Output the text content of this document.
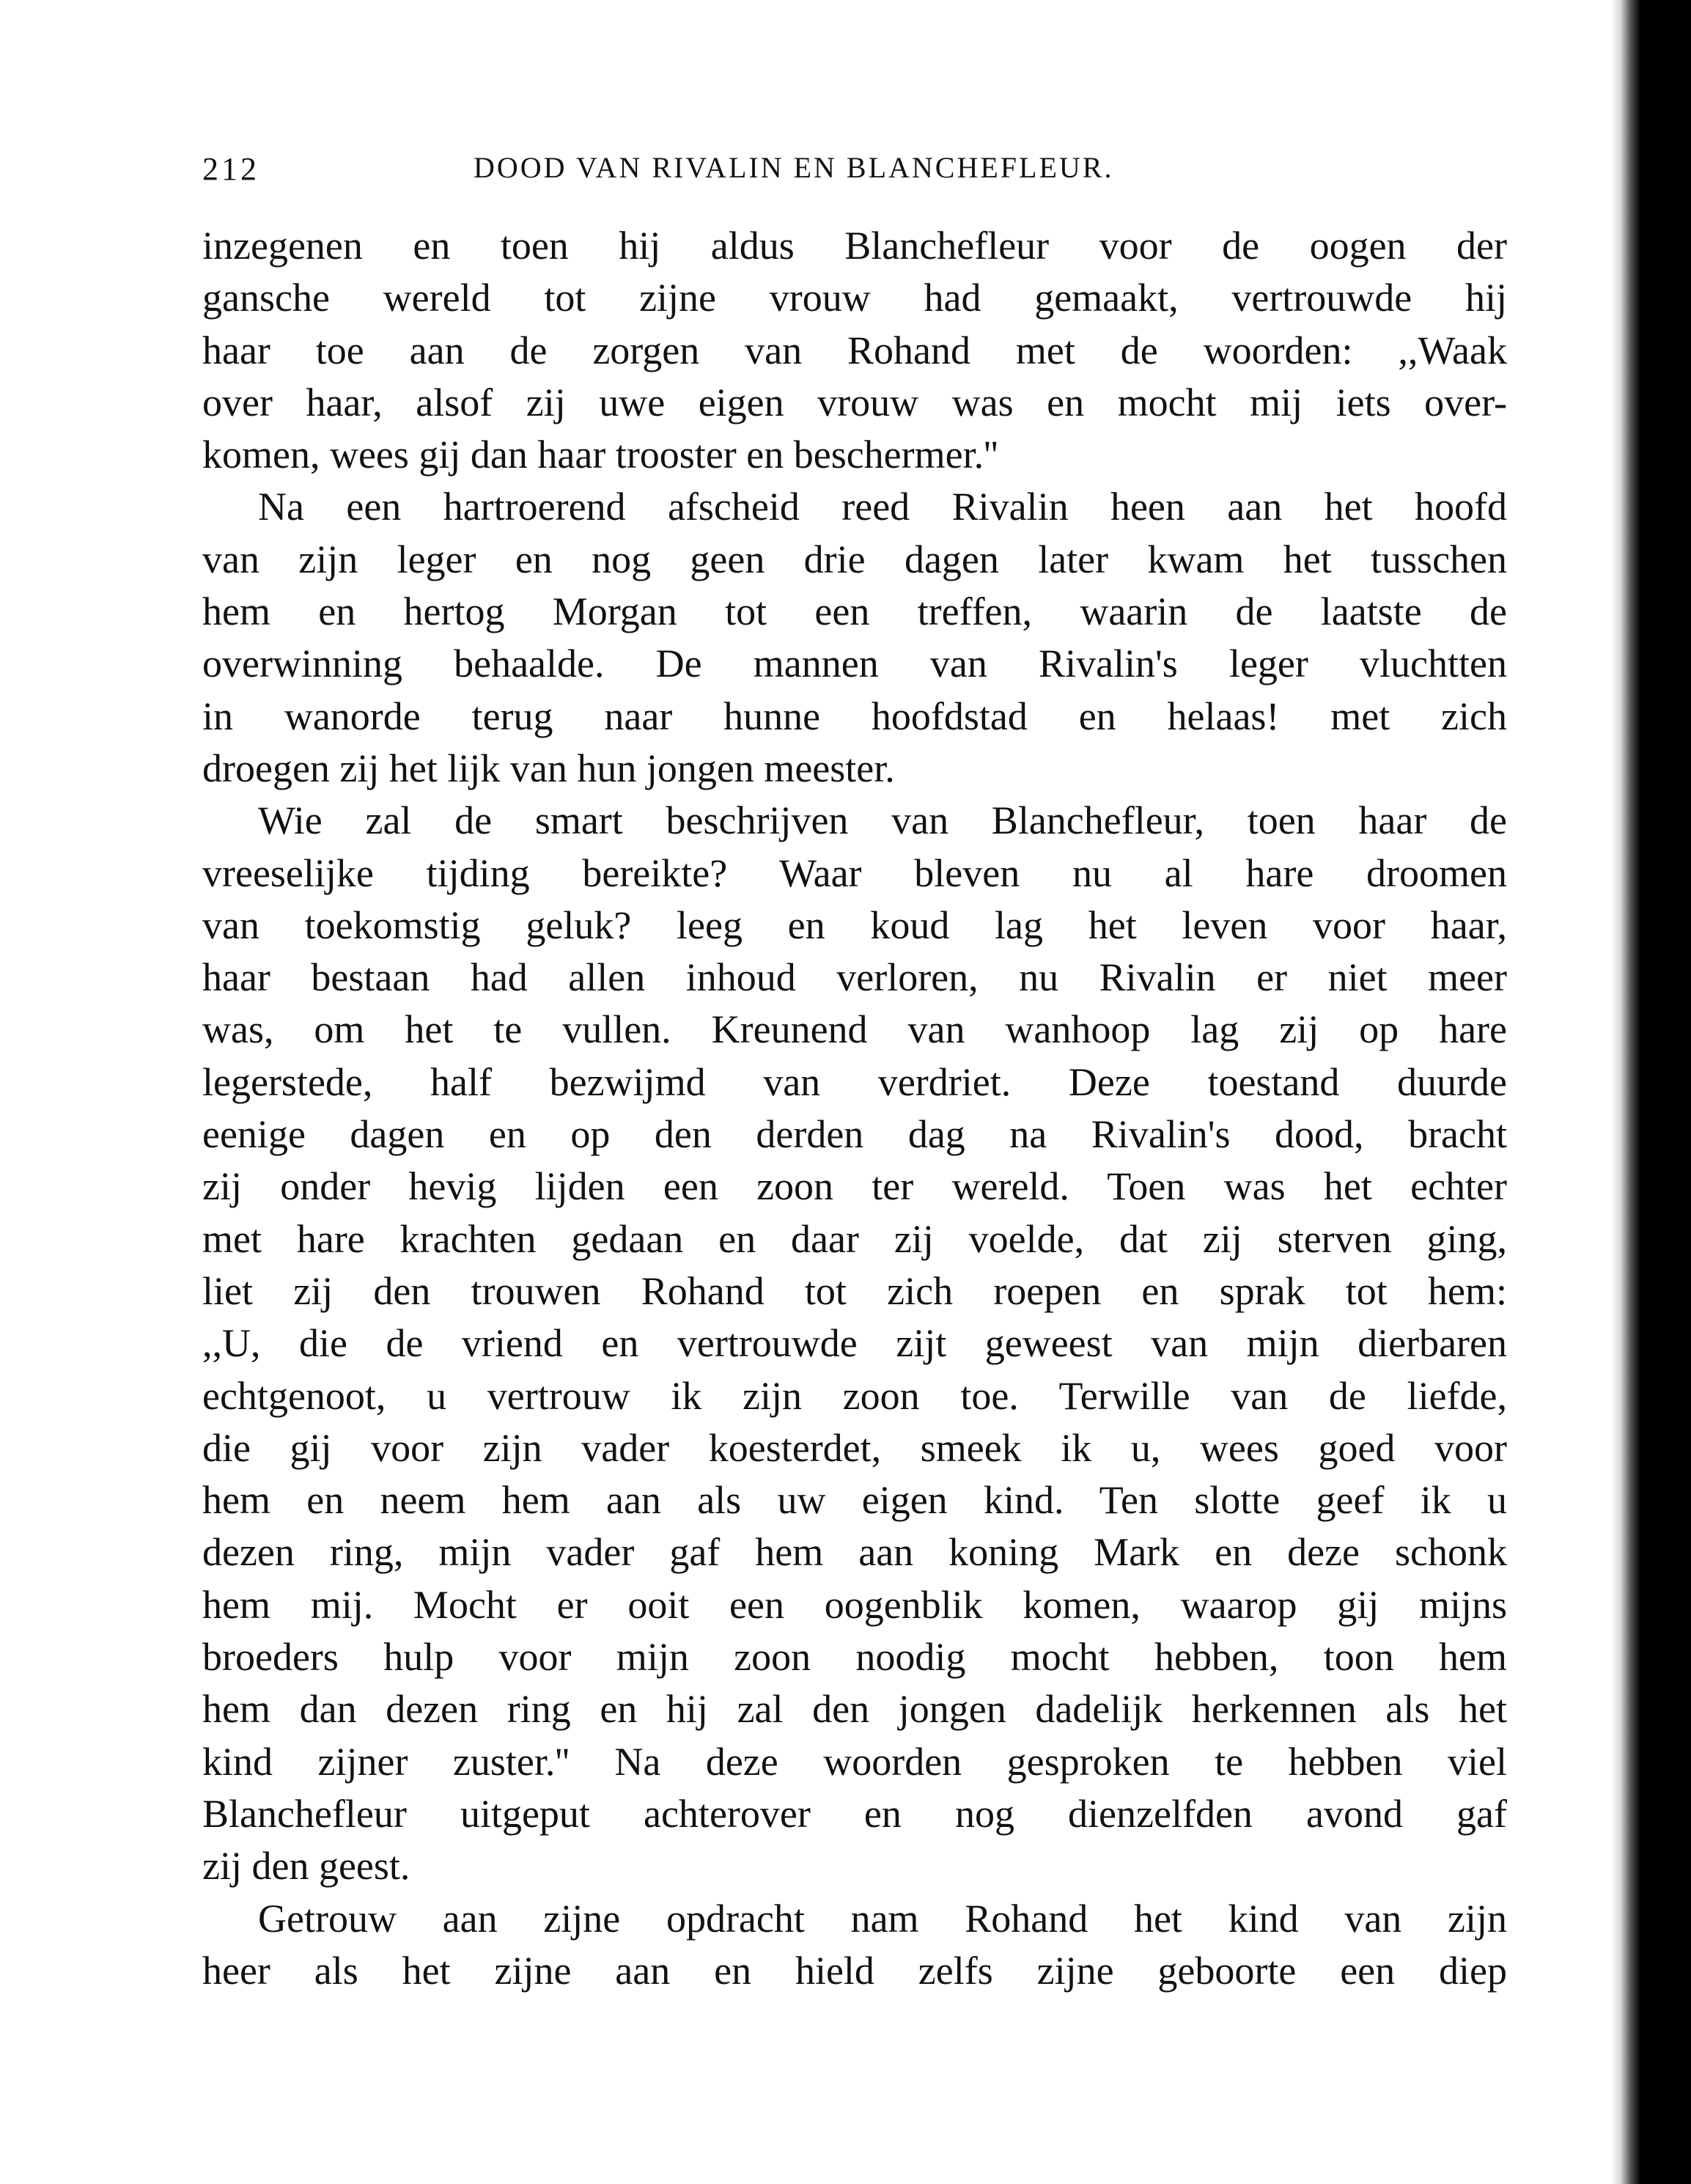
212	DOOD VAN RIVALIN EN BLANCHEFLEUR.
inzegenen en toen hij aldus Blanchefleur voor de oogen der
gansche wereld tot zijne vrouw had gemaakt, vertrouwde hij
haar toe aan de zorgen van Rohand met de woorden: ,,Waak
over haar, alsof zij uwe eigen vrouw was en mocht mij iets over-
komen, wees gij dan haar trooster en beschermer.''
Na een hartroerend afscheid reed Rivalin heen aan het hoofd
van zijn leger en nog geen drie dagen later kwam het tusschen
hem en hertog Morgan tot een treffen, waarin de laatste de
overwinning behaalde. De mannen van Rivalin's leger vluchtten
in wanorde terug naar hunne hoofdstad en helaas! met zich
droegen zij het lijk van hun jongen meester.
Wie zal de smart beschrijven van Blanchefleur, toen haar de
vreeselijke tijding bereikte? Waar bleven nu al hare droomen
van toekomstig geluk? leeg en koud lag het leven voor haar,
haar bestaan had allen inhoud verloren, nu Rivalin er niet meer
was, om het te vullen. Kreunend van wanhoop lag zij op hare
legerstede, half bezwijmd van verdriet. Deze toestand duurde
eenige dagen en op den derden dag na Rivalin's dood, bracht
zij onder hevig lijden een zoon ter wereld. Toen was het echter
met hare krachten gedaan en daar zij voelde, dat zij sterven ging,
liet zij den trouwen Rohand tot zich roepen en sprak tot hem:
,,U, die de vriend en vertrouwde zijt geweest van mijn dierbaren
echtgenoot, u vertrouw ik zijn zoon toe. Terwille van de liefde,
die gij voor zijn vader koesterdet, smeek ik u, wees goed voor
hem en neem hem aan als uw eigen kind. Ten slotte geef ik u
dezen ring, mijn vader gaf hem aan koning Mark en deze schonk
hem mij. Mocht er ooit een oogenblik komen, waarop gij mijns
broeders hulp voor mijn zoon noodig mocht hebben, toon hem
hem dan dezen ring en hij zal den jongen dadelijk herkennen als het
kind zijner zuster.'' Na deze woorden gesproken te hebben viel
Blanchefleur uitgeput achterover en nog dienzelfden avond gaf
zij den geest.
Getrouw aan zijne opdracht nam Rohand het kind van zijn
heer als het zijne aan en hield zelfs zijne geboorte een diep
